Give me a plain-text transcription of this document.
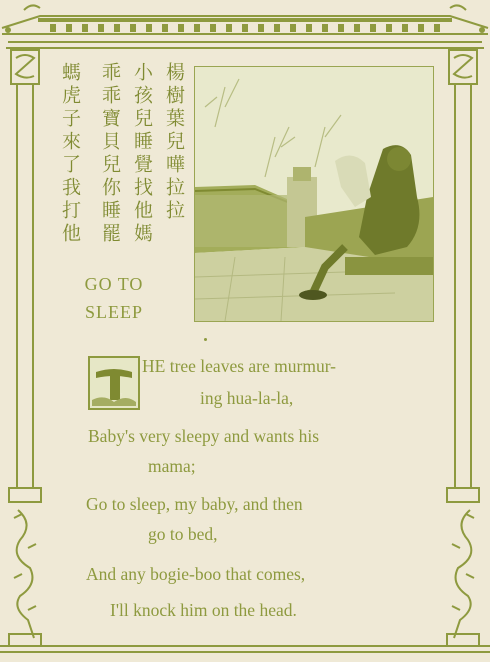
楊樹葉兒嘩拉拉
小孩兒睡覺找他媽
乖乖寶貝兒你睡罷
螞虎子來了我打他
GO TO
SLEEP
T
HE tree leaves are murmur-
ing hua-la-la,
Baby's very sleepy and wants his
mama;
Go to sleep, my baby, and then
go to bed,
And any bogie-boo that comes,
I'll knock him on the head.
